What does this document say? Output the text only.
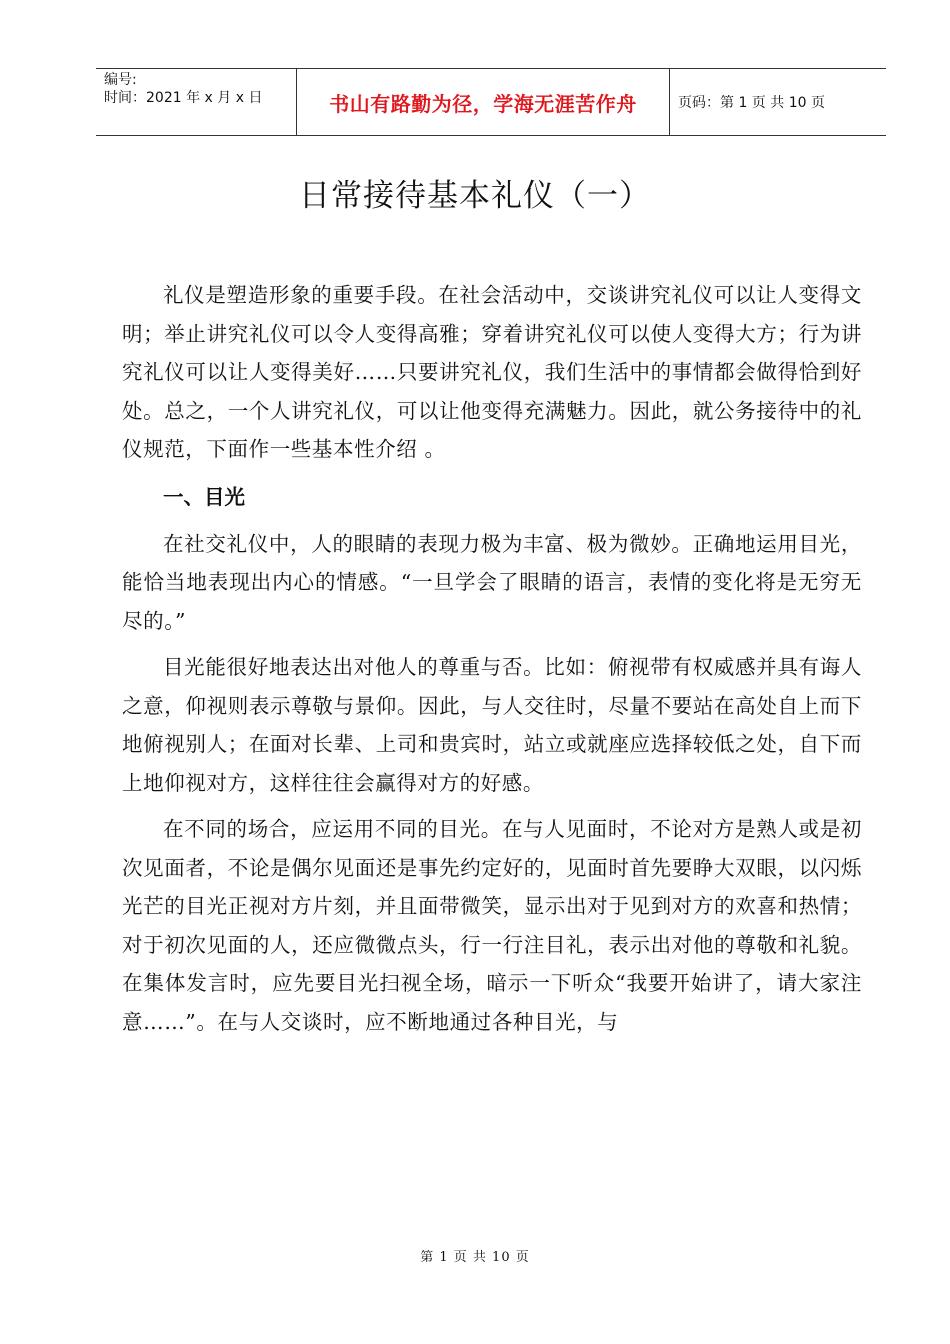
编号:
时间：2021 年 x 月 x 日	书山有路勤为径，学海无涯苦作舟	页码：第 1 页 共 10 页
日常接待基本礼仪（一）

礼仪是塑造形象的重要手段。在社会活动中，交谈讲究礼仪可以让人变得文明；举止讲究礼仪可以令人变得高雅；穿着讲究礼仪可以使人变得大方；行为讲究礼仪可以让人变得美好……只要讲究礼仪，我们生活中的事情都会做得恰到好处。总之，一个人讲究礼仪，可以让他变得充满魅力。因此，就公务接待中的礼仪规范，下面作一些基本性介绍 。

一、目光

在社交礼仪中，人的眼睛的表现力极为丰富、极为微妙。正确地运用目光，能恰当地表现出内心的情感。“一旦学会了眼睛的语言，表情的变化将是无穷无尽的。”

目光能很好地表达出对他人的尊重与否。比如：俯视带有权威感并具有诲人之意，仰视则表示尊敬与景仰。因此，与人交往时，尽量不要站在高处自上而下地俯视别人；在面对长辈、上司和贵宾时，站立或就座应选择较低之处，自下而上地仰视对方，这样往往会赢得对方的好感。

在不同的场合，应运用不同的目光。在与人见面时，不论对方是熟人或是初次见面者，不论是偶尔见面还是事先约定好的，见面时首先要睁大双眼，以闪烁光芒的目光正视对方片刻，并且面带微笑，显示出对于见到对方的欢喜和热情；对于初次见面的人，还应微微点头，行一行注目礼，表示出对他的尊敬和礼貌。在集体发言时，应先要目光扫视全场，暗示一下听众“我要开始讲了，请大家注意……”。在与人交谈时，应不断地通过各种目光，与

第 1 页 共 10 页
